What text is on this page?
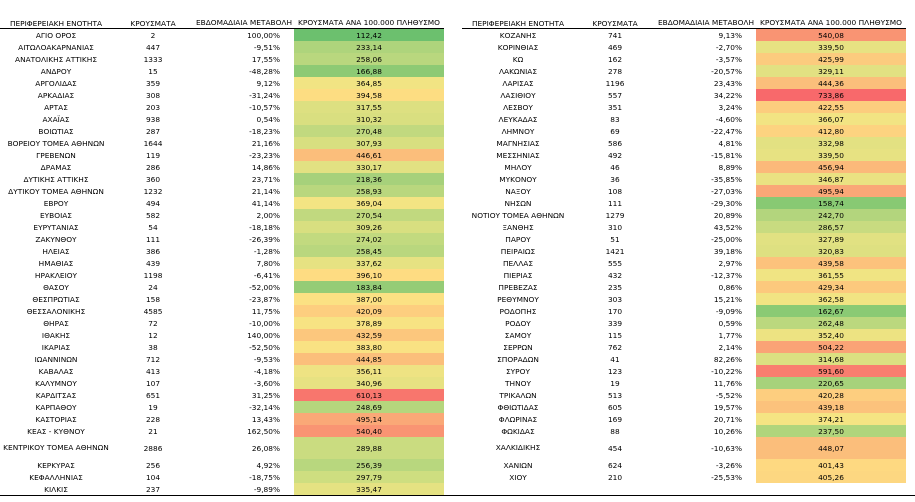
ΠΕΡΙΦΕΡΕΙΑΚΗ ΕΝΟΤΗΤΑ	ΚΡΟΥΣΜΑΤΑ	ΕΒΔΟΜΑΔΙΑΙΑ ΜΕΤΑΒΟΛΗ	ΚΡΟΥΣΜΑΤΑ ΑΝΑ 100.000 ΠΛΗΘΥΣΜΟ
ΑΓΙΟ ΟΡΟΣ	2	100,00%	112,42
ΑΙΤΩΛΟΑΚΑΡΝΑΝΙΑΣ	447	-9,51%	233,14
ΑΝΑΤΟΛΙΚΗΣ ΑΤΤΙΚΗΣ	1333	17,55%	258,06
ΑΝΔΡΟΥ	15	-48,28%	166,88
ΑΡΓΟΛΙΔΑΣ	359	9,12%	364,85
ΑΡΚΑΔΙΑΣ	308	-31,24%	394,58
ΑΡΤΑΣ	203	-10,57%	317,55
ΑΧΑΪΑΣ	938	0,54%	310,32
ΒΟΙΩΤΙΑΣ	287	-18,23%	270,48
ΒΟΡΕΙΟΥ ΤΟΜΕΑ ΑΘΗΝΩΝ	1644	21,16%	307,93
ΓΡΕΒΕΝΩΝ	119	-23,23%	446,61
ΔΡΑΜΑΣ	286	14,86%	330,17
ΔΥΤΙΚΗΣ ΑΤΤΙΚΗΣ	360	23,71%	218,36
ΔΥΤΙΚΟΥ ΤΟΜΕΑ ΑΘΗΝΩΝ	1232	21,14%	258,93
ΕΒΡΟΥ	494	41,14%	369,04
ΕΥΒΟΙΑΣ	582	2,00%	270,54
ΕΥΡΥΤΑΝΙΑΣ	54	-18,18%	309,26
ΖΑΚΥΝΘΟΥ	111	-26,39%	274,02
ΗΛΕΙΑΣ	386	-1,28%	258,45
ΗΜΑΘΙΑΣ	439	7,80%	337,62
ΗΡΑΚΛΕΙΟΥ	1198	-6,41%	396,10
ΘΑΣΟΥ	24	-52,00%	183,84
ΘΕΣΠΡΩΤΙΑΣ	158	-23,87%	387,00
ΘΕΣΣΑΛΟΝΙΚΗΣ	4585	11,75%	420,09
ΘΗΡΑΣ	72	-10,00%	378,89
ΙΘΑΚΗΣ	12	140,00%	432,59
ΙΚΑΡΙΑΣ	38	-52,50%	383,80
ΙΩΑΝΝΙΝΩΝ	712	-9,53%	444,85
ΚΑΒΑΛΑΣ	413	-4,18%	356,11
ΚΑΛΥΜΝΟΥ	107	-3,60%	340,96
ΚΑΡΔΙΤΣΑΣ	651	31,25%	610,13
ΚΑΡΠΑΘΟΥ	19	-32,14%	248,69
ΚΑΣΤΟΡΙΑΣ	228	13,43%	495,14
ΚΕΑΣ - ΚΥΘΝΟΥ	21	162,50%	540,40
ΚΕΝΤΡΙΚΟΥ ΤΟΜΕΑ ΑΘΗΝΩΝ	2886	26,08%	289,88
ΚΕΡΚΥΡΑΣ	256	4,92%	256,39
ΚΕΦΑΛΛΗΝΙΑΣ	104	-18,75%	297,79
ΚΙΛΚΙΣ	237	-9,89%	335,47
ΠΕΡΙΦΕΡΕΙΑΚΗ ΕΝΟΤΗΤΑ	ΚΡΟΥΣΜΑΤΑ	ΕΒΔΟΜΑΔΙΑΙΑ ΜΕΤΑΒΟΛΗ	ΚΡΟΥΣΜΑΤΑ ΑΝΑ 100.000 ΠΛΗΘΥΣΜΟ
ΚΟΖΑΝΗΣ	741	9,13%	540,08
ΚΟΡΙΝΘΙΑΣ	469	-2,70%	339,50
ΚΩ	162	-3,57%	425,99
ΛΑΚΩΝΙΑΣ	278	-20,57%	329,11
ΛΑΡΙΣΑΣ	1196	23,43%	444,36
ΛΑΣΙΘΙΟΥ	557	34,22%	733,86
ΛΕΣΒΟΥ	351	3,24%	422,55
ΛΕΥΚΑΔΑΣ	83	-4,60%	366,07
ΛΗΜΝΟΥ	69	-22,47%	412,80
ΜΑΓΝΗΣΙΑΣ	586	4,81%	332,98
ΜΕΣΣΗΝΙΑΣ	492	-15,81%	339,50
ΜΗΛΟΥ	46	8,89%	456,94
ΜΥΚΟΝΟΥ	36	-35,85%	346,87
ΝΑΞΟΥ	108	-27,03%	495,94
ΝΗΣΩΝ	111	-29,30%	158,74
ΝΟΤΙΟΥ ΤΟΜΕΑ ΑΘΗΝΩΝ	1279	20,89%	242,70
ΞΑΝΘΗΣ	310	43,52%	286,57
ΠΑΡΟΥ	51	-25,00%	327,89
ΠΕΙΡΑΙΩΣ	1421	39,18%	320,83
ΠΕΛΛΑΣ	555	2,97%	439,58
ΠΙΕΡΙΑΣ	432	-12,37%	361,55
ΠΡΕΒΕΖΑΣ	235	0,86%	429,34
ΡΕΘΥΜΝΟΥ	303	15,21%	362,58
ΡΟΔΟΠΗΣ	170	-9,09%	162,67
ΡΟΔΟΥ	339	0,59%	262,48
ΣΑΜΟΥ	115	1,77%	352,40
ΣΕΡΡΩΝ	762	2,14%	504,22
ΣΠΟΡΑΔΩΝ	41	82,26%	314,68
ΣΥΡΟΥ	123	-10,22%	591,60
ΤΗΝΟΥ	19	11,76%	220,65
ΤΡΙΚΑΛΩΝ	513	-5,52%	420,28
ΦΘΙΩΤΙΔΑΣ	605	19,57%	439,18
ΦΛΩΡΙΝΑΣ	169	20,71%	374,21
ΦΩΚΙΔΑΣ	88	10,26%	237,50
ΧΑΛΚΙΔΙΚΗΣ	454	-10,63%	448,07
ΧΑΝΙΩΝ	624	-3,26%	401,43
ΧΙΟΥ	210	-25,53%	405,26
